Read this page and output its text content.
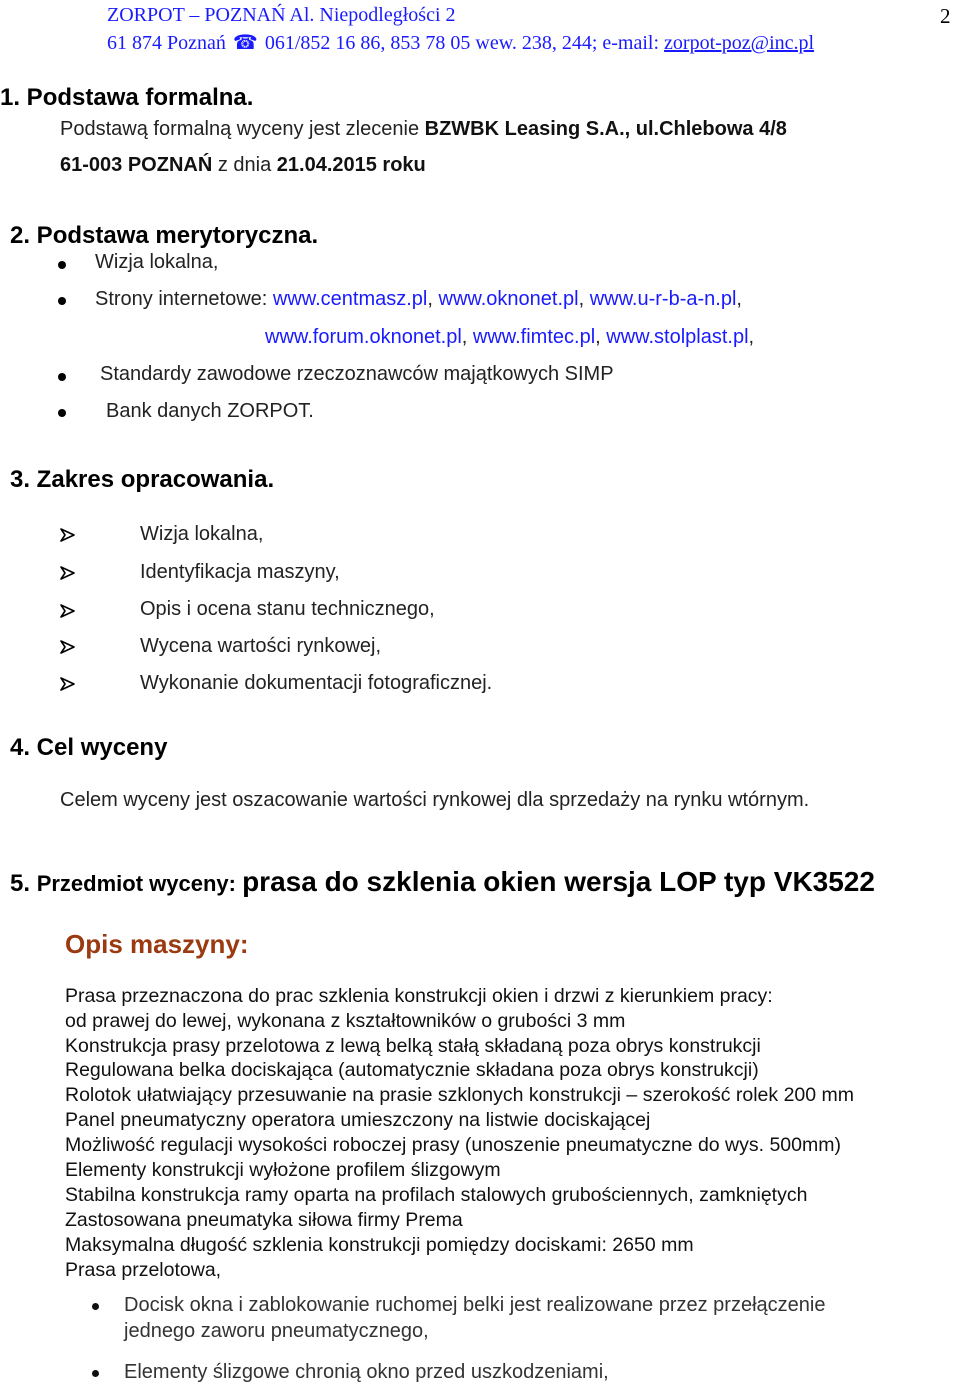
ZORPOT – POZNAŃ Al. Niepodległości 2
61 874 Poznań ☎ 061/852 16 86, 853 78 05 wew. 238, 244; e-mail: zorpot-poz@inc.pl
2
1. Podstawa formalna.
Podstawą formalną wyceny jest zlecenie BZWBK Leasing S.A., ul.Chlebowa 4/8
61-003 POZNAŃ z dnia 21.04.2015 roku
2. Podstawa merytoryczna.
Wizja lokalna,
Strony internetowe: www.centmasz.pl, www.oknonet.pl, www.u-r-b-a-n.pl,
www.forum.oknonet.pl, www.fimtec.pl, www.stolplast.pl,
Standardy zawodowe rzeczoznawców majątkowych SIMP
Bank danych ZORPOT.
3. Zakres opracowania.
Wizja lokalna,
Identyfikacja maszyny,
Opis i ocena stanu technicznego,
Wycena wartości rynkowej,
Wykonanie dokumentacji fotograficznej.
4. Cel wyceny
Celem wyceny jest oszacowanie wartości rynkowej dla sprzedaży na rynku wtórnym.
5. Przedmiot wyceny: prasa do szklenia okien wersja LOP typ VK3522
Opis maszyny:
Prasa przeznaczona do prac szklenia konstrukcji okien i drzwi z kierunkiem pracy:
od prawej do lewej, wykonana z kształtowników o grubości 3 mm
Konstrukcja prasy przelotowa z lewą belką stałą składaną poza obrys konstrukcji
Regulowana belka dociskająca (automatycznie składana poza obrys konstrukcji)
Rolotok ułatwiający przesuwanie na prasie szklonych konstrukcji – szerokość rolek 200 mm
Panel pneumatyczny operatora umieszczony na listwie dociskającej
Możliwość regulacji wysokości roboczej prasy (unoszenie pneumatyczne do wys. 500mm)
Elementy konstrukcji wyłożone profilem ślizgowym
Stabilna konstrukcja ramy oparta na profilach stalowych grubościennych, zamkniętych
Zastosowana pneumatyka siłowa firmy Prema
Maksymalna długość szklenia konstrukcji pomiędzy dociskami: 2650 mm
Prasa przelotowa,
Docisk okna i zablokowanie ruchomej belki jest realizowane przez przełączenie
jednego zaworu pneumatycznego,
Elementy ślizgowe chronią okno przed uszkodzeniami,
